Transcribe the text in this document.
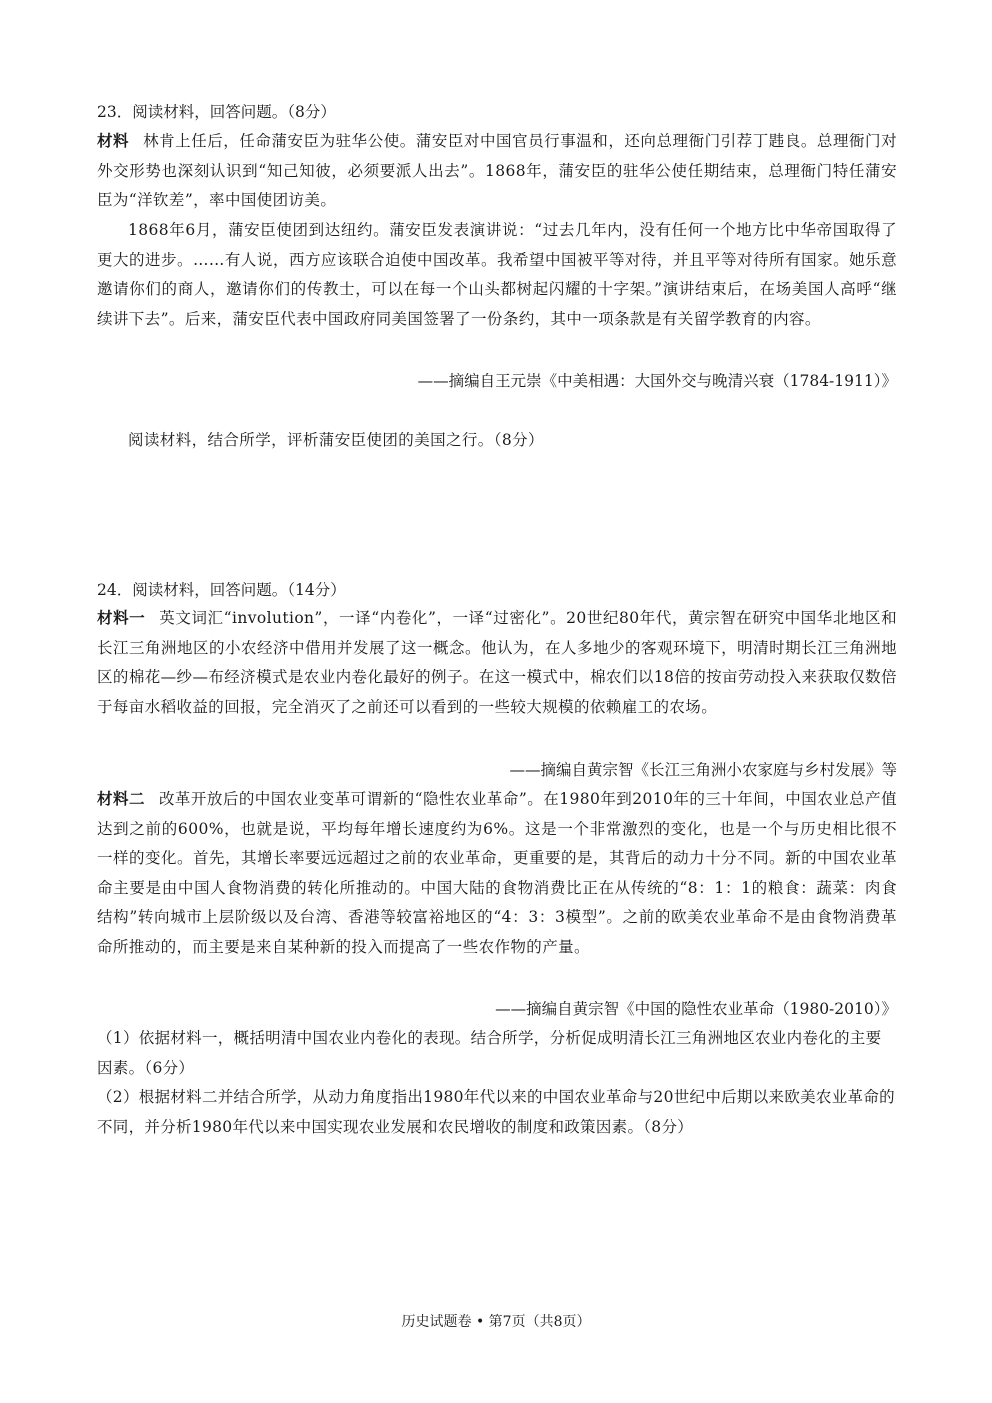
23．阅读材料，回答问题。（8分）
材料 林肯上任后，任命蒲安臣为驻华公使。蒲安臣对中国官员行事温和，还向总理衙门引荐丁韪良。总理衙门对外交形势也深刻认识到“知己知彼，必须要派人出去”。1868年，蒲安臣的驻华公使任期结束，总理衙门特任蒲安臣为“洋钦差”，率中国使团访美。
1868年6月，蒲安臣使团到达纽约。蒲安臣发表演讲说：“过去几年内，没有任何一个地方比中华帝国取得了更大的进步。……有人说，西方应该联合迫使中国改革。我希望中国被平等对待，并且平等对待所有国家。她乐意邀请你们的商人，邀请你们的传教士，可以在每一个山头都树起闪耀的十字架。”演讲结束后，在场美国人高呼“继续讲下去”。后来，蒲安臣代表中国政府同美国签署了一份条约，其中一项条款是有关留学教育的内容。
——摘编自王元崇《中美相遇：大国外交与晚清兴衰（1784-1911）》
阅读材料，结合所学，评析蒲安臣使团的美国之行。（8分）
24．阅读材料，回答问题。（14分）
材料一 英文词汇“involution”，一译“内卷化”，一译“过密化”。20世纪80年代，黄宗智在研究中国华北地区和长江三角洲地区的小农经济中借用并发展了这一概念。他认为，在人多地少的客观环境下，明清时期长江三角洲地区的棉花—纱—布经济模式是农业内卷化最好的例子。在这一模式中，棉农们以18倍的按亩劳动投入来获取仅数倍于每亩水稻收益的回报，完全消灭了之前还可以看到的一些较大规模的依赖雇工的农场。
——摘编自黄宗智《长江三角洲小农家庭与乡村发展》等
材料二 改革开放后的中国农业变革可谓新的“隐性农业革命”。在1980年到2010年的三十年间，中国农业总产值达到之前的600%，也就是说，平均每年增长速度约为6%。这是一个非常激烈的变化，也是一个与历史相比很不一样的变化。首先，其增长率要远远超过之前的农业革命，更重要的是，其背后的动力十分不同。新的中国农业革命主要是由中国人食物消费的转化所推动的。中国大陆的食物消费比正在从传统的“8：1：1的粮食：蔬菜：肉食结构”转向城市上层阶级以及台湾、香港等较富裕地区的“4：3：3模型”。之前的欧美农业革命不是由食物消费革命所推动的，而主要是来自某种新的投入而提高了一些农作物的产量。
——摘编自黄宗智《中国的隐性农业革命（1980-2010）》
（1）依据材料一，概括明清中国农业内卷化的表现。结合所学，分析促成明清长江三角洲地区农业内卷化的主要因素。（6分）
（2）根据材料二并结合所学，从动力角度指出1980年代以来的中国农业革命与20世纪中后期以来欧美农业革命的不同，并分析1980年代以来中国实现农业发展和农民增收的制度和政策因素。（8分）
历史试题卷 • 第7页（共8页）
